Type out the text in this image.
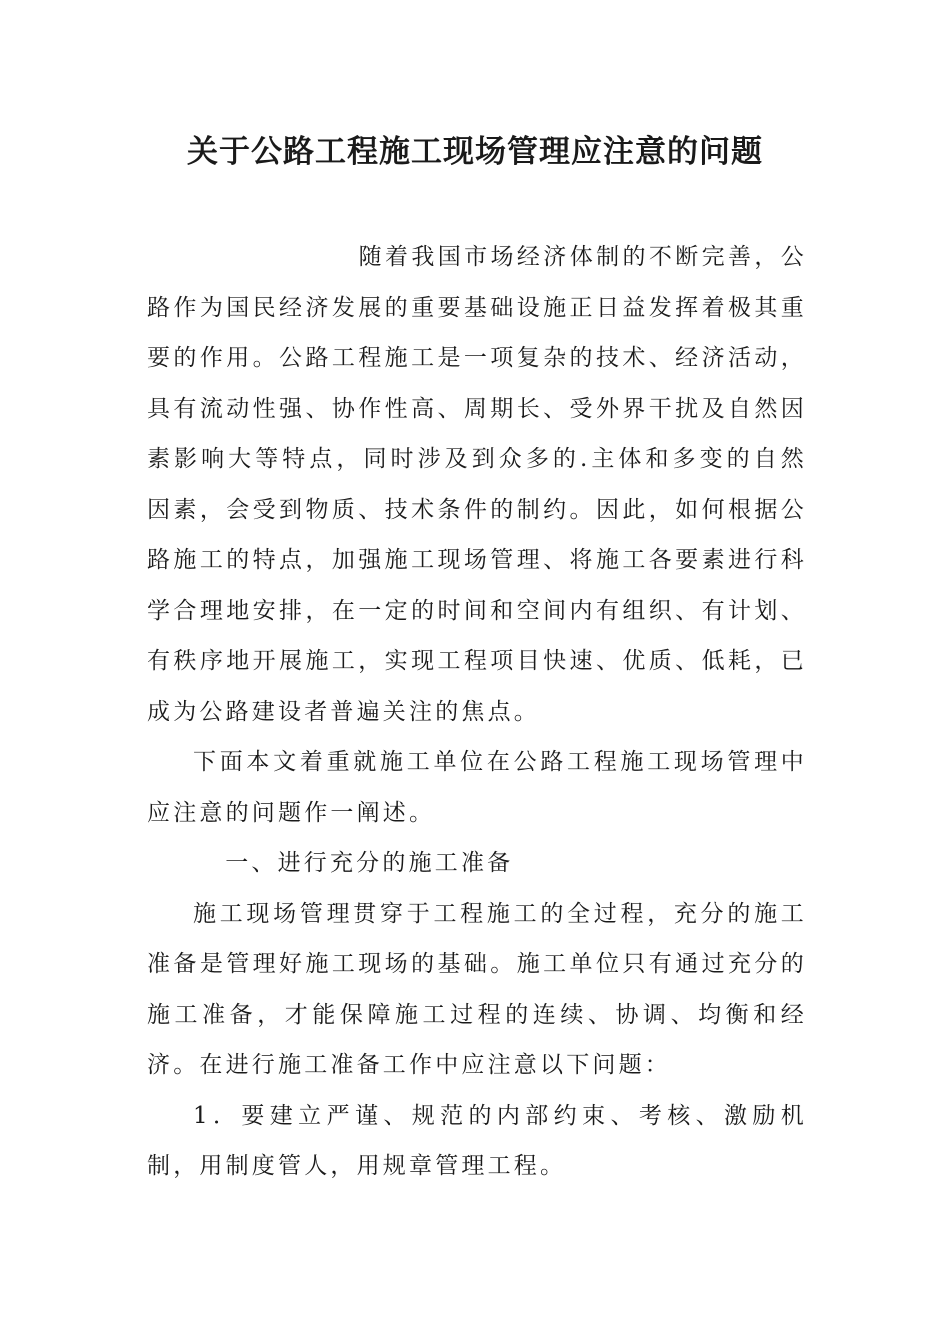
关于公路工程施工现场管理应注意的问题

随着我国市场经济体制的不断完善，公路作为国民经济发展的重要基础设施正日益发挥着极其重要的作用。公路工程施工是一项复杂的技术、经济活动，具有流动性强、协作性高、周期长、受外界干扰及自然因素影响大等特点，同时涉及到众多的.主体和多变的自然因素，会受到物质、技术条件的制约。因此，如何根据公路施工的特点，加强施工现场管理、将施工各要素进行科学合理地安排，在一定的时间和空间内有组织、有计划、有秩序地开展施工，实现工程项目快速、优质、低耗，已成为公路建设者普遍关注的焦点。

下面本文着重就施工单位在公路工程施工现场管理中应注意的问题作一阐述。

一、进行充分的施工准备

施工现场管理贯穿于工程施工的全过程，充分的施工准备是管理好施工现场的基础。施工单位只有通过充分的施工准备，才能保障施工过程的连续、协调、均衡和经济。在进行施工准备工作中应注意以下问题：

1．要建立严谨、规范的内部约束、考核、激励机制，用制度管人，用规章管理工程。
